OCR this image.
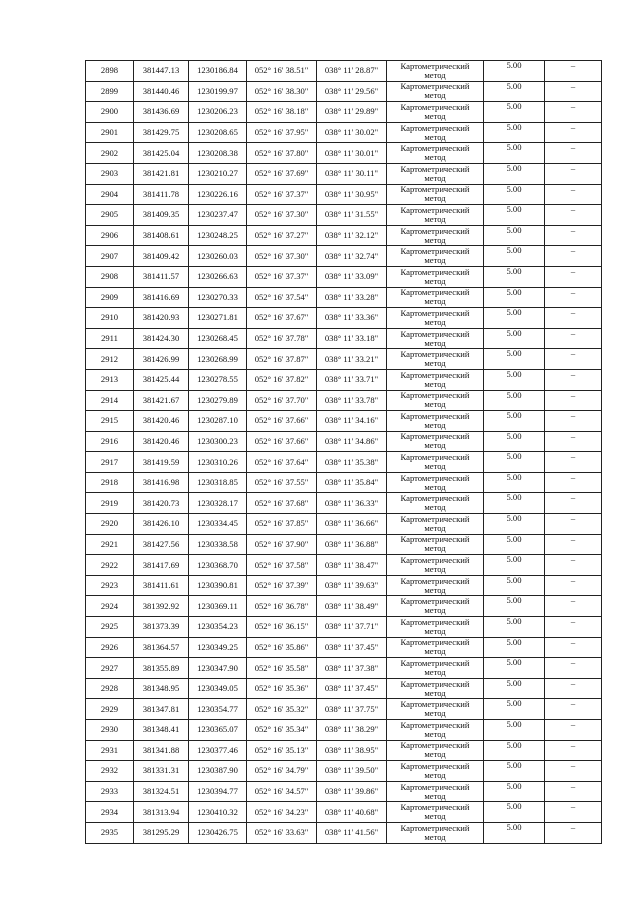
2898	381447.13	1230186.84	052° 16' 38.51"	038° 11' 28.87"	Картометрический
метод	5.00	–
2899	381440.46	1230199.97	052° 16' 38.30"	038° 11' 29.56"	Картометрический
метод	5.00	–
2900	381436.69	1230206.23	052° 16' 38.18"	038° 11' 29.89"	Картометрический
метод	5.00	–
2901	381429.75	1230208.65	052° 16' 37.95"	038° 11' 30.02"	Картометрический
метод	5.00	–
2902	381425.04	1230208.38	052° 16' 37.80"	038° 11' 30.01"	Картометрический
метод	5.00	–
2903	381421.81	1230210.27	052° 16' 37.69"	038° 11' 30.11"	Картометрический
метод	5.00	–
2904	381411.78	1230226.16	052° 16' 37.37"	038° 11' 30.95"	Картометрический
метод	5.00	–
2905	381409.35	1230237.47	052° 16' 37.30"	038° 11' 31.55"	Картометрический
метод	5.00	–
2906	381408.61	1230248.25	052° 16' 37.27"	038° 11' 32.12"	Картометрический
метод	5.00	–
2907	381409.42	1230260.03	052° 16' 37.30"	038° 11' 32.74"	Картометрический
метод	5.00	–
2908	381411.57	1230266.63	052° 16' 37.37"	038° 11' 33.09"	Картометрический
метод	5.00	–
2909	381416.69	1230270.33	052° 16' 37.54"	038° 11' 33.28"	Картометрический
метод	5.00	–
2910	381420.93	1230271.81	052° 16' 37.67"	038° 11' 33.36"	Картометрический
метод	5.00	–
2911	381424.30	1230268.45	052° 16' 37.78"	038° 11' 33.18"	Картометрический
метод	5.00	–
2912	381426.99	1230268.99	052° 16' 37.87"	038° 11' 33.21"	Картометрический
метод	5.00	–
2913	381425.44	1230278.55	052° 16' 37.82"	038° 11' 33.71"	Картометрический
метод	5.00	–
2914	381421.67	1230279.89	052° 16' 37.70"	038° 11' 33.78"	Картометрический
метод	5.00	–
2915	381420.46	1230287.10	052° 16' 37.66"	038° 11' 34.16"	Картометрический
метод	5.00	–
2916	381420.46	1230300.23	052° 16' 37.66"	038° 11' 34.86"	Картометрический
метод	5.00	–
2917	381419.59	1230310.26	052° 16' 37.64"	038° 11' 35.38"	Картометрический
метод	5.00	–
2918	381416.98	1230318.85	052° 16' 37.55"	038° 11' 35.84"	Картометрический
метод	5.00	–
2919	381420.73	1230328.17	052° 16' 37.68"	038° 11' 36.33"	Картометрический
метод	5.00	–
2920	381426.10	1230334.45	052° 16' 37.85"	038° 11' 36.66"	Картометрический
метод	5.00	–
2921	381427.56	1230338.58	052° 16' 37.90"	038° 11' 36.88"	Картометрический
метод	5.00	–
2922	381417.69	1230368.70	052° 16' 37.58"	038° 11' 38.47"	Картометрический
метод	5.00	–
2923	381411.61	1230390.81	052° 16' 37.39"	038° 11' 39.63"	Картометрический
метод	5.00	–
2924	381392.92	1230369.11	052° 16' 36.78"	038° 11' 38.49"	Картометрический
метод	5.00	–
2925	381373.39	1230354.23	052° 16' 36.15"	038° 11' 37.71"	Картометрический
метод	5.00	–
2926	381364.57	1230349.25	052° 16' 35.86"	038° 11' 37.45"	Картометрический
метод	5.00	–
2927	381355.89	1230347.90	052° 16' 35.58"	038° 11' 37.38"	Картометрический
метод	5.00	–
2928	381348.95	1230349.05	052° 16' 35.36"	038° 11' 37.45"	Картометрический
метод	5.00	–
2929	381347.81	1230354.77	052° 16' 35.32"	038° 11' 37.75"	Картометрический
метод	5.00	–
2930	381348.41	1230365.07	052° 16' 35.34"	038° 11' 38.29"	Картометрический
метод	5.00	–
2931	381341.88	1230377.46	052° 16' 35.13"	038° 11' 38.95"	Картометрический
метод	5.00	–
2932	381331.31	1230387.90	052° 16' 34.79"	038° 11' 39.50"	Картометрический
метод	5.00	–
2933	381324.51	1230394.77	052° 16' 34.57"	038° 11' 39.86"	Картометрический
метод	5.00	–
2934	381313.94	1230410.32	052° 16' 34.23"	038° 11' 40.68"	Картометрический
метод	5.00	–
2935	381295.29	1230426.75	052° 16' 33.63"	038° 11' 41.56"	Картометрический
метод	5.00	–
